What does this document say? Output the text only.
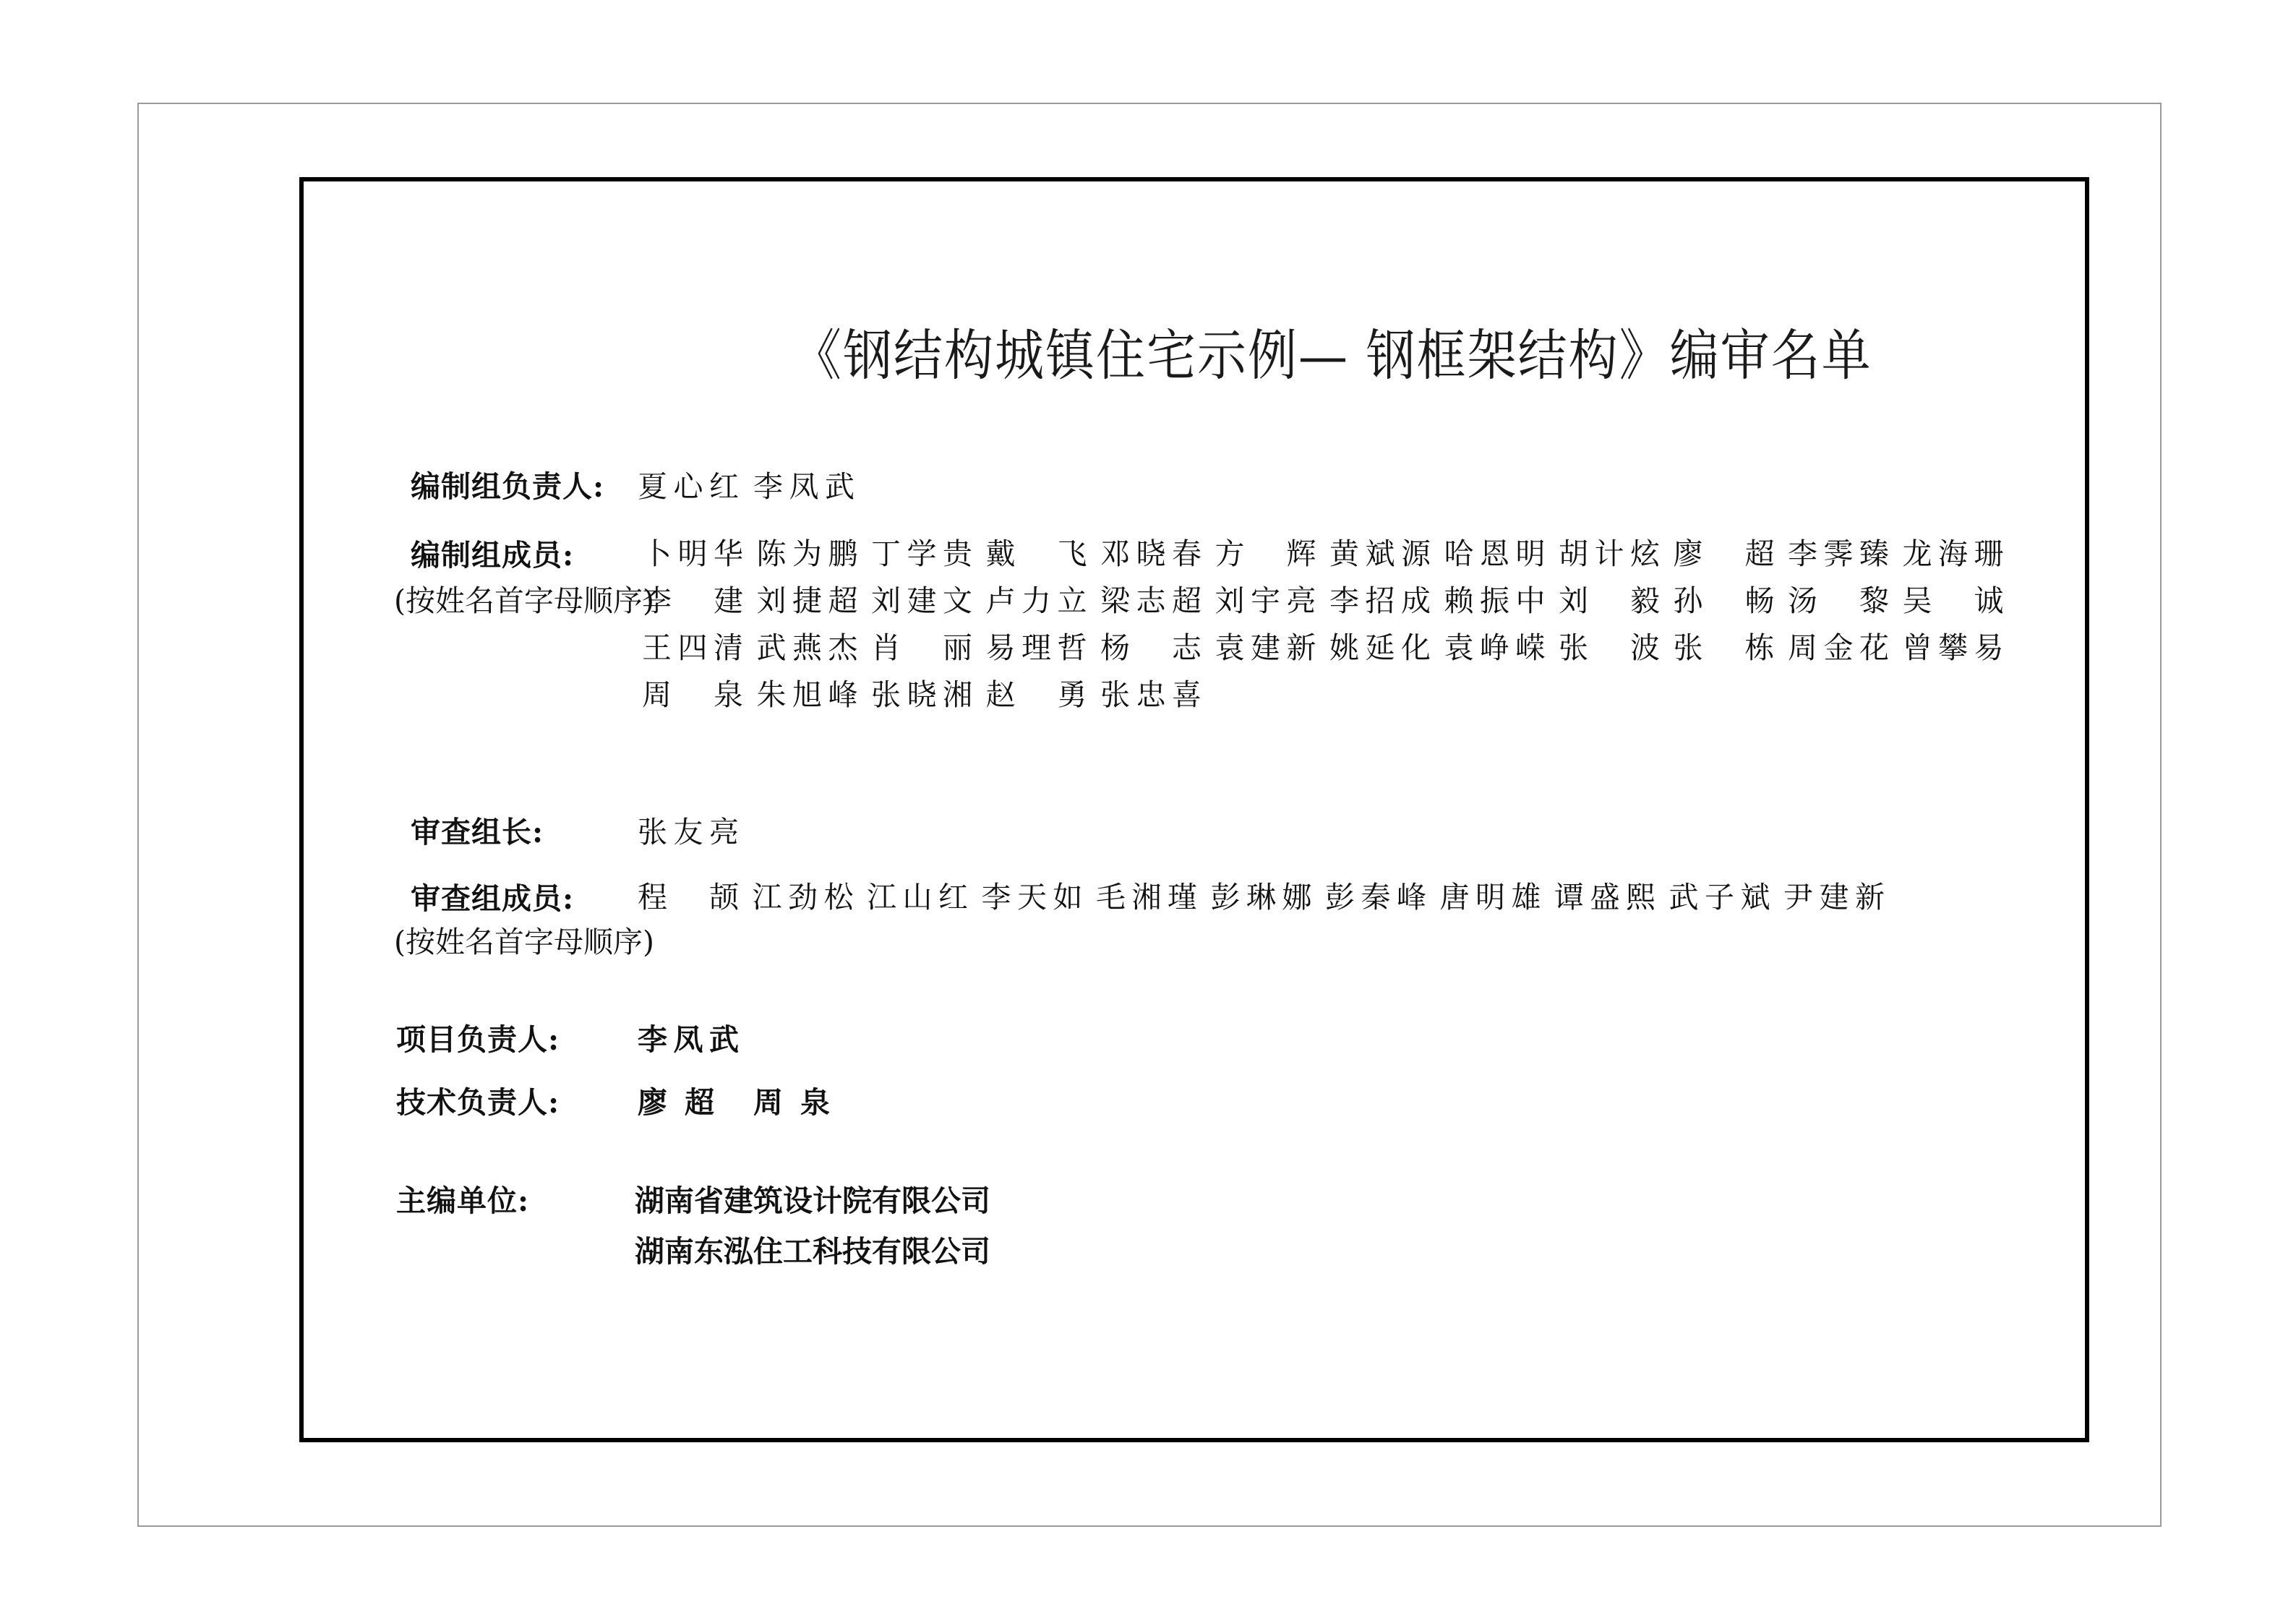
《钢结构城镇住宅示例— 钢框架结构》编审名单
编制组负责人: 夏心红 李凤武
编制组成员:
(按姓名首字母顺序)
卜明华 陈为鹏 丁学贵 戴 飞 邓晓春 方 辉 黄斌源 哈恩明 胡计炫 廖 超 李霁臻 龙海珊
李 建 刘捷超 刘建文 卢力立 梁志超 刘宇亮 李招成 赖振中 刘 毅 孙 畅 汤 黎 吴 诚
王四清 武燕杰 肖 丽 易理哲 杨 志 袁建新 姚延化 袁峥嵘 张 波 张 栋 周金花 曾攀易
周 泉 朱旭峰 张晓湘 赵 勇 张忠喜
审查组长:	张友亮
审查组成员:
(按姓名首字母顺序)
程 颉 江劲松 江山红 李天如 毛湘瑾 彭琳娜 彭秦峰 唐明雄 谭盛熙 武子斌 尹建新
项目负责人:	李凤武
技术负责人:	廖 超 周 泉
主编单位:	湖南省建筑设计院有限公司
湖南东泓住工科技有限公司
